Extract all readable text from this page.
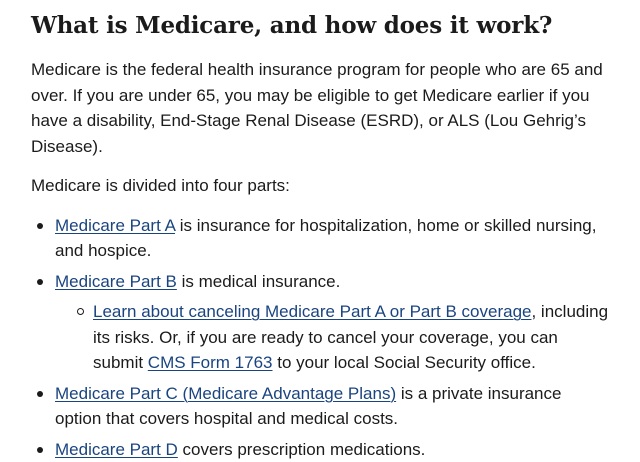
What is Medicare, and how does it work?

Medicare is the federal health insurance program for people who are 65 and over. If you are under 65, you may be eligible to get Medicare earlier if you have a disability, End-Stage Renal Disease (ESRD), or ALS (Lou Gehrig’s Disease).

Medicare is divided into four parts:

Medicare Part A is insurance for hospitalization, home or skilled nursing, and hospice.
Medicare Part B is medical insurance.
Learn about canceling Medicare Part A or Part B coverage, including its risks. Or, if you are ready to cancel your coverage, you can submit CMS Form 1763 to your local Social Security office.
Medicare Part C (Medicare Advantage Plans) is a private insurance option that covers hospital and medical costs.
Medicare Part D covers prescription medications.
